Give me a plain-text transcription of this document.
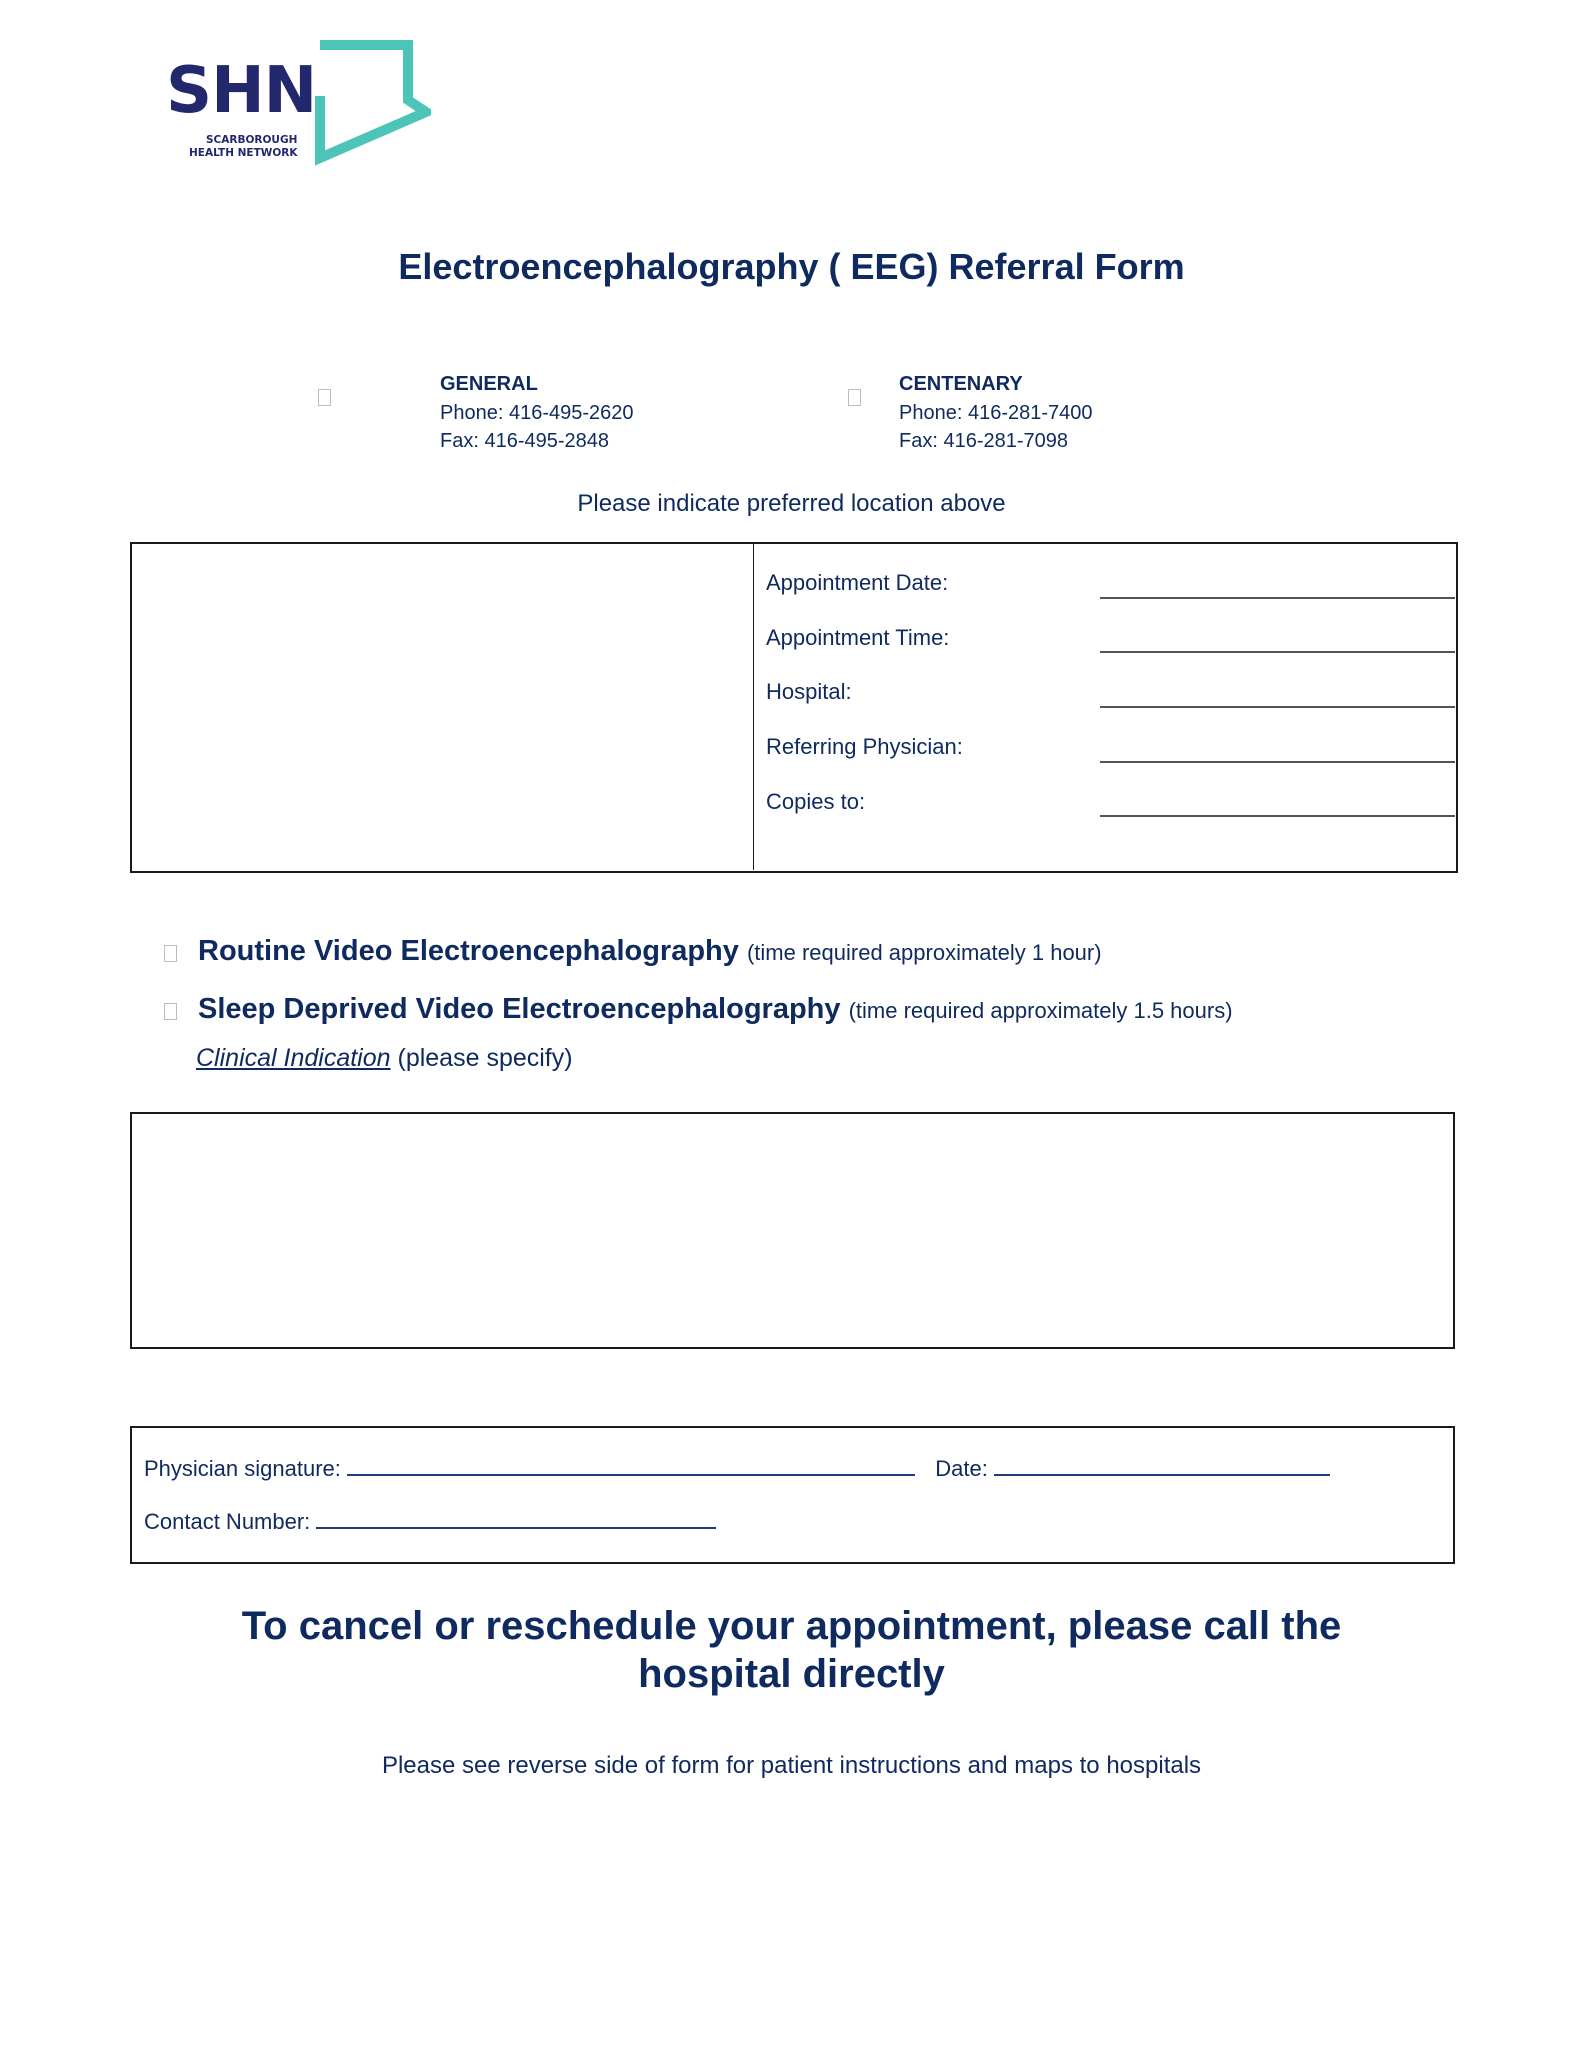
SHN
SCARBOROUGH
HEALTH NETWORK
Electroencephalography ( EEG) Referral Form
GENERAL
Phone: 416-495-2620
Fax: 416-495-2848
CENTENARY
Phone: 416-281-7400
Fax: 416-281-7098
Please indicate preferred location above
Appointment Date:
Appointment Time:
Hospital:
Referring Physician:
Copies to:
Routine Video Electroencephalography (time required approximately 1 hour)
Sleep Deprived Video Electroencephalography (time required approximately 1.5 hours)
Clinical Indication (please specify)
Physician signature:	Date:
Contact Number:
To cancel or reschedule your appointment, please call the
hospital directly
Please see reverse side of form for patient instructions and maps to hospitals
